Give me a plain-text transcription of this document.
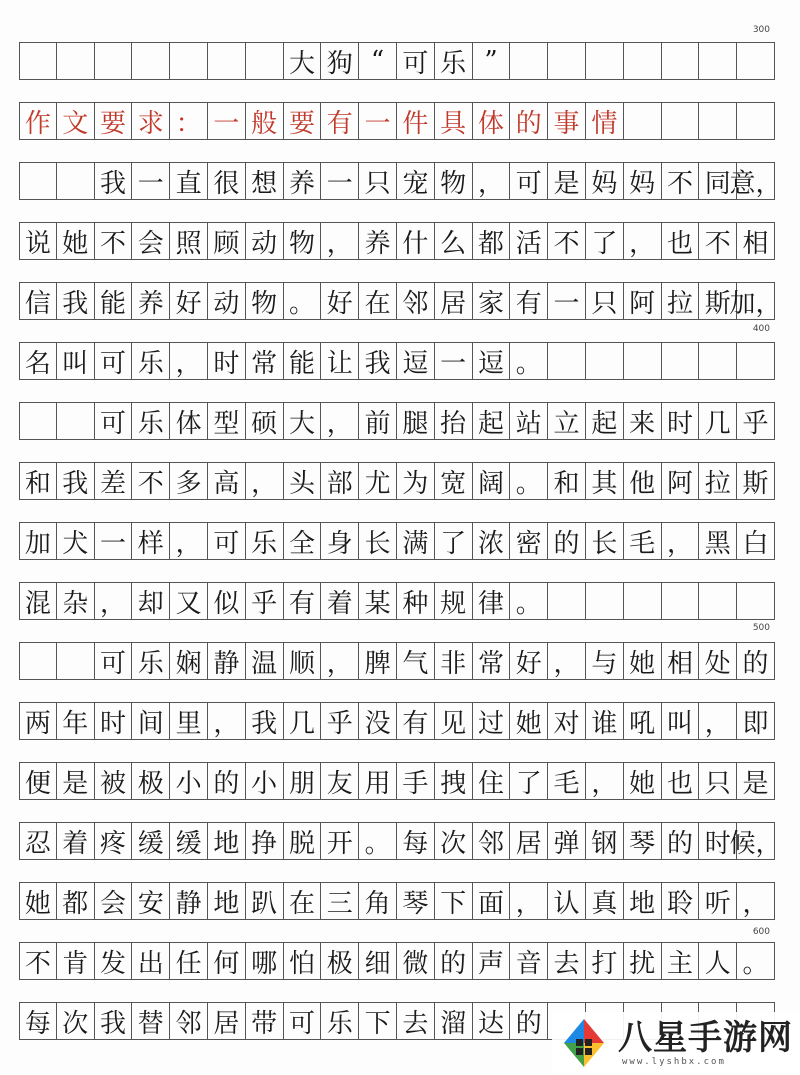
大 狗 “ 可 乐 ”
作 文 要 求 ： 一 般 要 有 一 件 具 体 的 事 情
我 一 直 很 想 养 一 只 宠 物 ， 可 是 妈 妈 不 同
意，
说 她 不 会 照 顾 动 物 ， 养 什 么 都 活 不 了 ， 也 不 相
信 我 能 养 好 动 物 。 好 在 邻 居 家 有 一 只 阿 拉 斯
加，
名 叫 可 乐 ， 时 常 能 让 我 逗 一 逗 。
可 乐 体 型 硕 大 ， 前 腿 抬 起 站 立 起 来 时 几 乎
和 我 差 不 多 高 ， 头 部 尤 为 宽 阔 。 和 其 他 阿 拉 斯
加 犬 一 样 ， 可 乐 全 身 长 满 了 浓 密 的 长 毛 ， 黑 白
混 杂 ， 却 又 似 乎 有 着 某 种 规 律 。
可 乐 娴 静 温 顺 ， 脾 气 非 常 好 ， 与 她 相 处 的
两 年 时 间 里 ， 我 几 乎 没 有 见 过 她 对 谁 吼 叫 ， 即
便 是 被 极 小 的 小 朋 友 用 手 拽 住 了 毛 ， 她 也 只 是
忍 着 疼 缓 缓 地 挣 脱 开 。 每 次 邻 居 弹 钢 琴 的 时
候，
她 都 会 安 静 地 趴 在 三 角 琴 下 面 ， 认 真 地 聆 听 ，
不 肯 发 出 任 何 哪 怕 极 细 微 的 声 音 去 打 扰 主 人 。
每 次 我 替 邻 居 带 可 乐 下 去 溜 达 的
300
400
500
600
八星手游网
www.lyshbx.com
